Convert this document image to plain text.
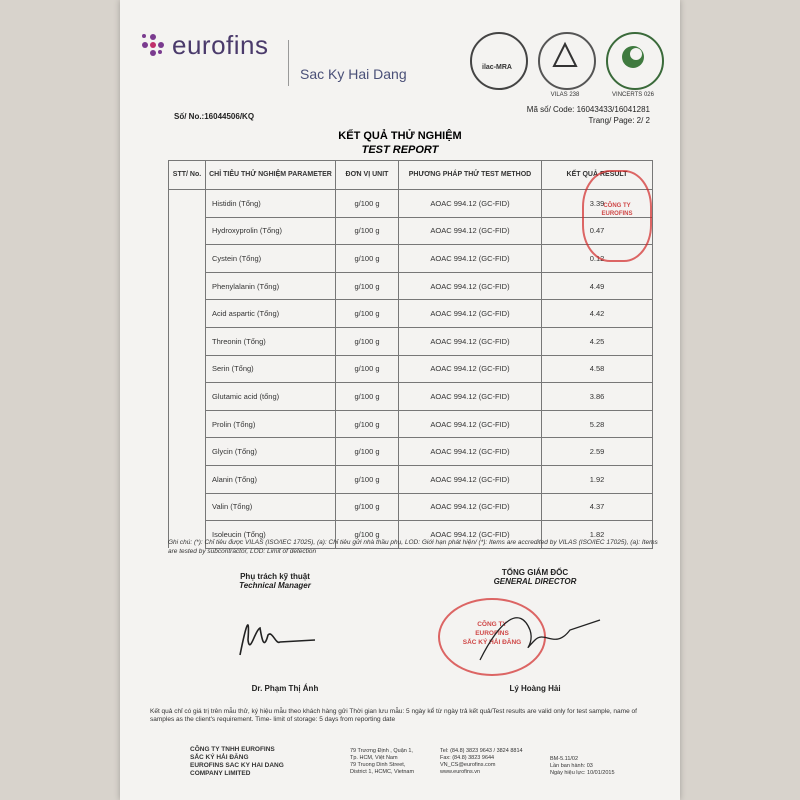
eurofins
Sac Ky Hai Dang	ilac-MRA
VILAS 238	VINCERTS 026
Số/ No.:16044506/KQ
Mã số/ Code: 16043433/16041281
Trang/ Page: 2/ 2
KẾT QUẢ THỬ NGHIỆM
TEST REPORT
STT/ No.	CHỈ TIÊU THỬ NGHIỆM PARAMETER	ĐƠN VỊ UNIT	PHƯƠNG PHÁP THỬ TEST METHOD	KẾT QUẢ RESULT
	Histidin (Tổng)	g/100 g	AOAC 994.12 (GC-FID)	3.39
	Hydroxyprolin (Tổng)	g/100 g	AOAC 994.12 (GC-FID)	0.47
	Cystein (Tổng)	g/100 g	AOAC 994.12 (GC-FID)	0.12
	Phenylalanin (Tổng)	g/100 g	AOAC 994.12 (GC-FID)	4.49
	Acid aspartic (Tổng)	g/100 g	AOAC 994.12 (GC-FID)	4.42
	Threonin (Tổng)	g/100 g	AOAC 994.12 (GC-FID)	4.25
	Serin (Tổng)	g/100 g	AOAC 994.12 (GC-FID)	4.58
	Glutamic acid (tổng)	g/100 g	AOAC 994.12 (GC-FID)	3.86
	Prolin (Tổng)	g/100 g	AOAC 994.12 (GC-FID)	5.28
	Glycin (Tổng)	g/100 g	AOAC 994.12 (GC-FID)	2.59
	Alanin (Tổng)	g/100 g	AOAC 994.12 (GC-FID)	1.92
	Valin (Tổng)	g/100 g	AOAC 994.12 (GC-FID)	4.37
	Isoleucin (Tổng)	g/100 g	AOAC 994.12 (GC-FID)	1.82
CÔNG TY
EUROFINS
Ghi chú: (*): Chỉ tiêu được VILAS (ISO/IEC 17025), (a): Chỉ tiêu gửi nhà thầu phụ, LOD: Giới hạn phát hiện/ (*): Items are accredited by VILAS (ISO/IEC 17025), (a): Items are tested by subcontractor, LOD: Limit of detection
Phụ trách kỹ thuật
Technical Manager
Dr. Phạm Thị Ánh
TỔNG GIÁM ĐỐC
GENERAL DIRECTOR
CÔNG TY
EUROFINS
SẮC KÝ HẢI ĐĂNG
Lý Hoàng Hải
Kết quả chỉ có giá trị trên mẫu thử, ký hiệu mẫu theo khách hàng gửi Thời gian lưu mẫu: 5 ngày kể từ ngày trả kết quả/Test results are valid only for test sample, name of samples as the client's requirement. Time- limit of storage: 5 days from reporting date
CÔNG TY TNHH EUROFINS
SẮC KÝ HẢI ĐĂNG
EUROFINS SAC KY HAI DANG
COMPANY LIMITED
79 Trương Định , Quận 1,
Tp. HCM, Việt Nam
79 Truong Dinh Street,
District 1, HCMC, Vietnam
Tel: (84.8) 3823 9643 / 3824 8814
Fax: (84.8) 3823 9644
VN_CS@eurofins.com
www.eurofins.vn
BM-5.11/02
Lần ban hành: 03
Ngày hiệu lực: 10/01/2015
